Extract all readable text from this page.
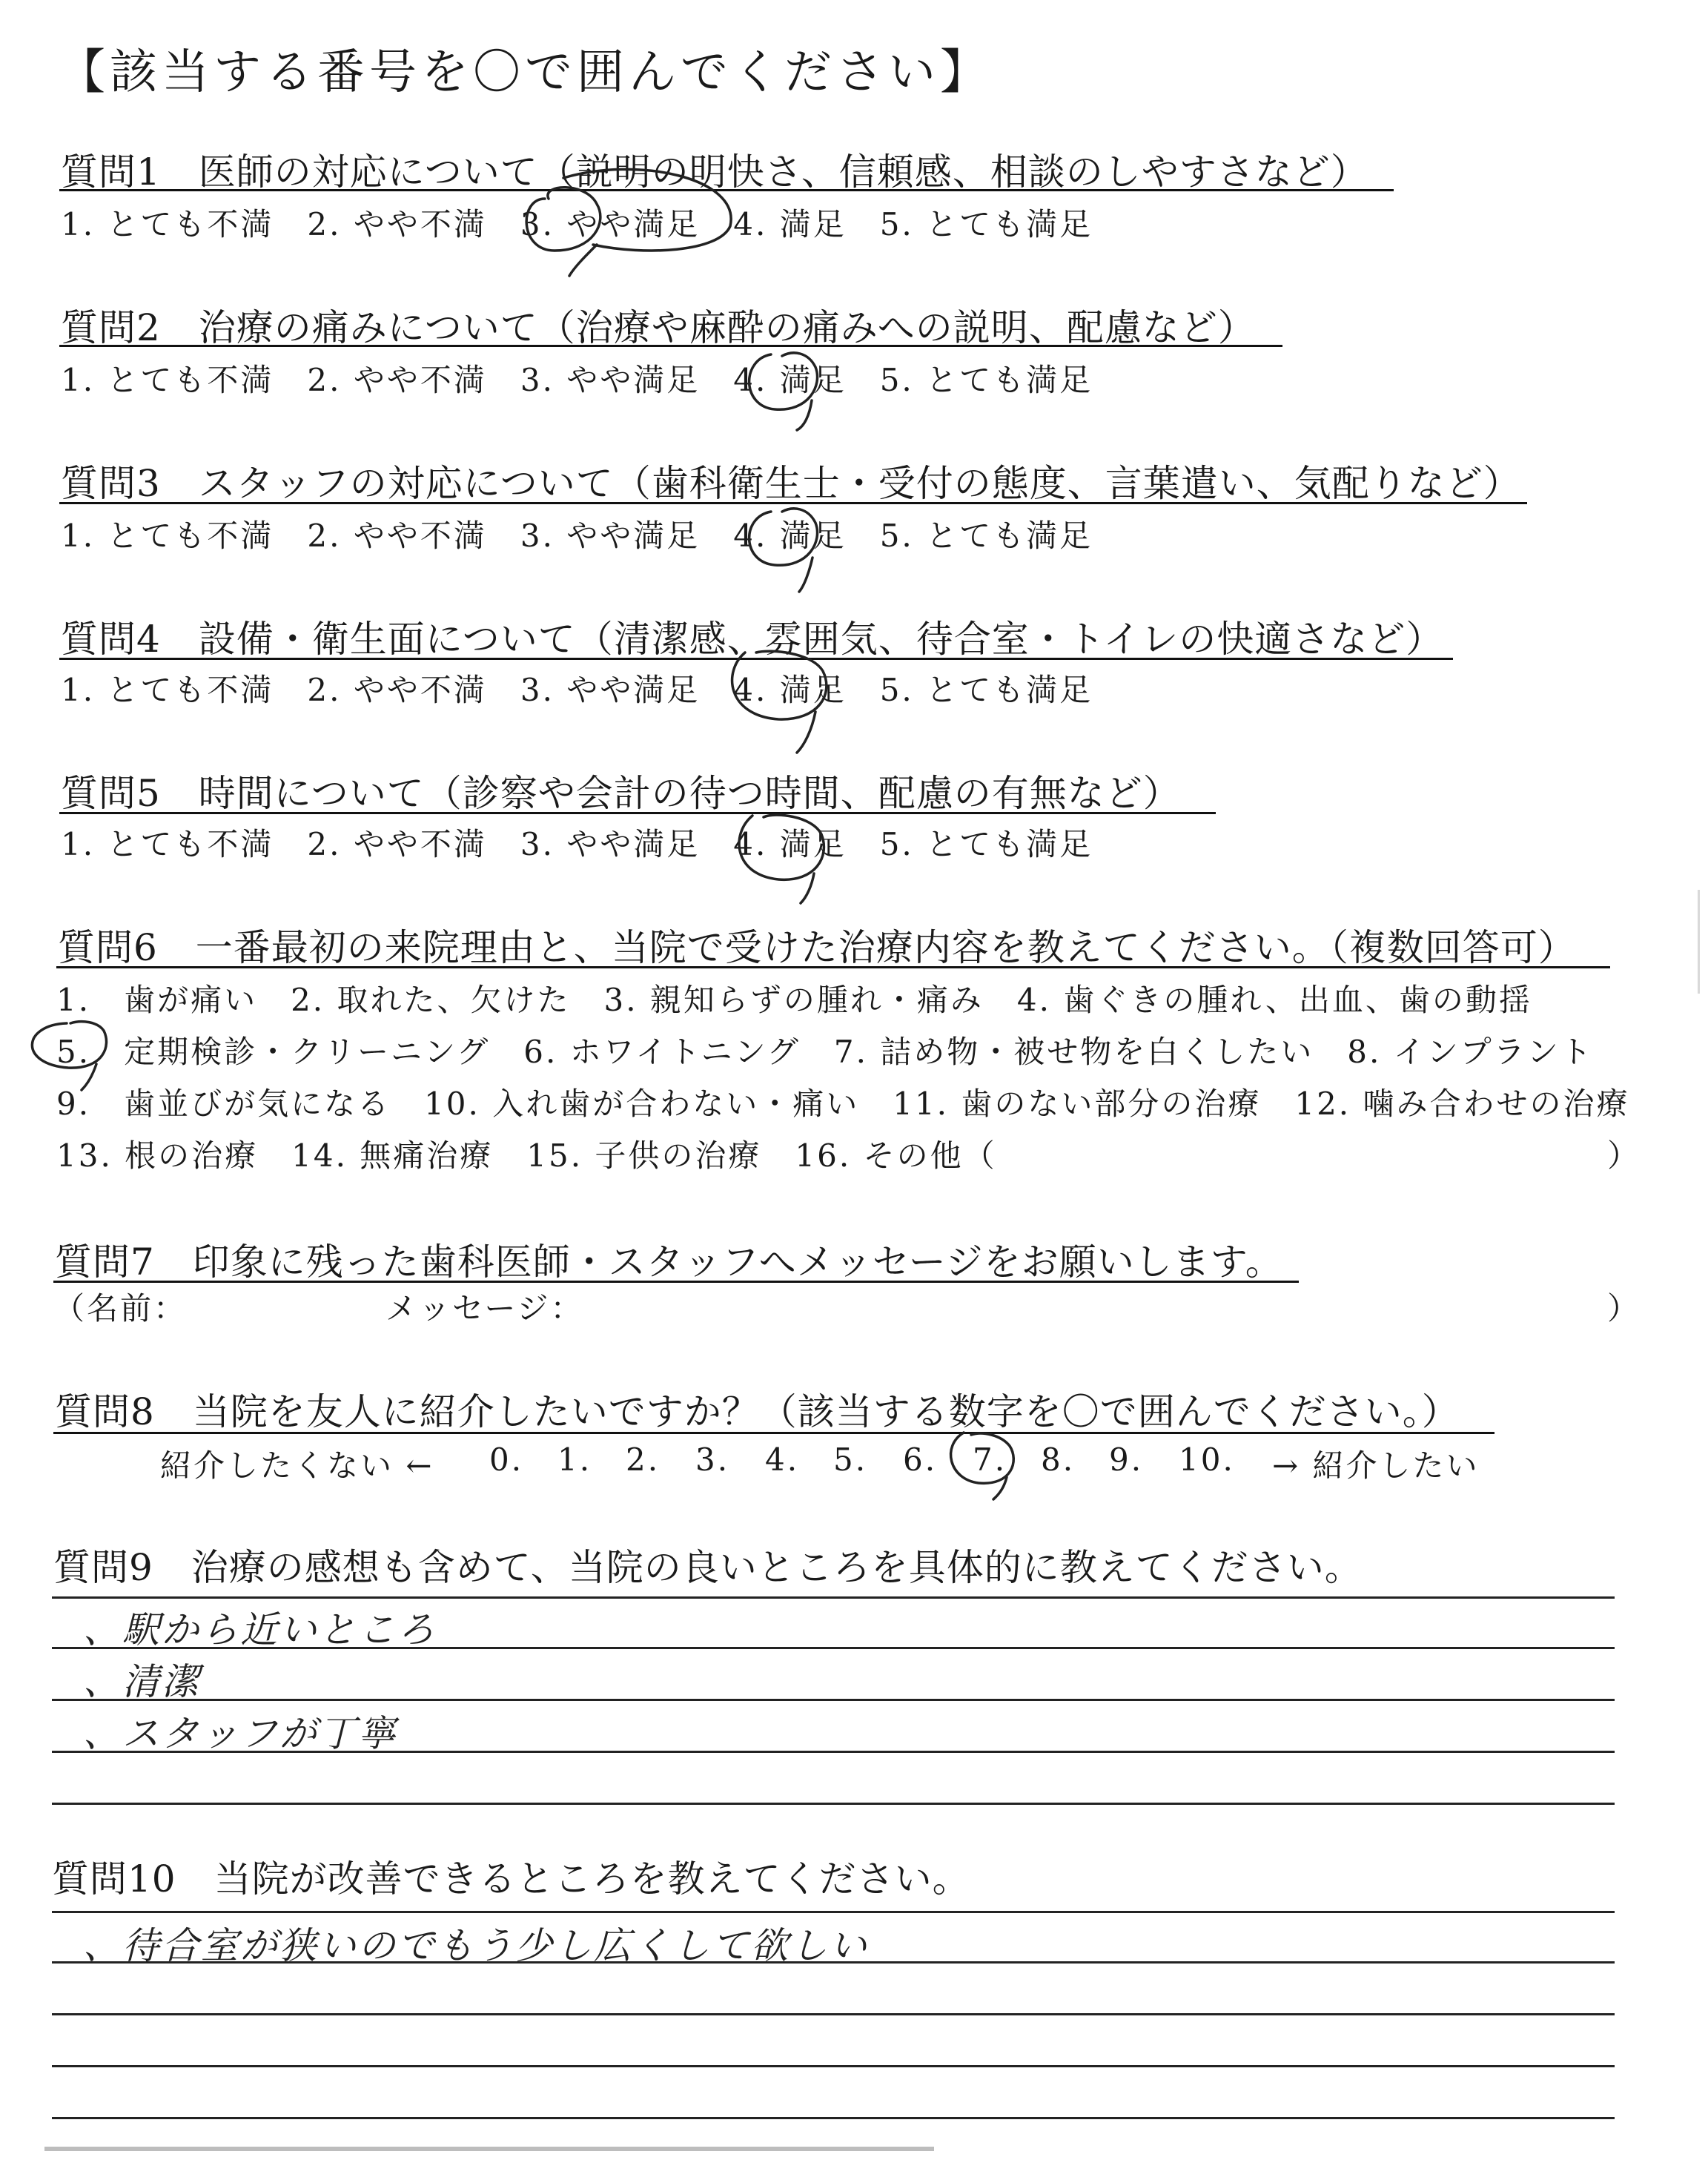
【該当する番号を〇で囲んでください】
質問1　医師の対応について（説明の明快さ、信頼感、相談のしやすさなど）
1. とても不満　2. やや不満　3. やや満足　4. 満足　5. とても満足
質問2　治療の痛みについて（治療や麻酔の痛みへの説明、配慮など）
1. とても不満　2. やや不満　3. やや満足　4. 満足　5. とても満足
質問3　スタッフの対応について（歯科衛生士・受付の態度、言葉遣い、気配りなど）
1. とても不満　2. やや不満　3. やや満足　4. 満足　5. とても満足
質問4　設備・衛生面について（清潔感、雰囲気、待合室・トイレの快適さなど）
1. とても不満　2. やや不満　3. やや満足　4. 満足　5. とても満足
質問5　時間について（診察や会計の待つ時間、配慮の有無など）
1. とても不満　2. やや不満　3. やや満足　4. 満足　5. とても満足
質問6　一番最初の来院理由と、当院で受けた治療内容を教えてください。（複数回答可）
1.　歯が痛い　2. 取れた、欠けた　3. 親知らずの腫れ・痛み　4. 歯ぐきの腫れ、出血、歯の動揺
5.　定期検診・クリーニング　6. ホワイトニング　7. 詰め物・被せ物を白くしたい　8. インプラント
9.　歯並びが気になる　10. 入れ歯が合わない・痛い　11. 歯のない部分の治療　12. 噛み合わせの治療
13. 根の治療　14. 無痛治療　15. 子供の治療　16. その他（	）
質問7　印象に残った歯科医師・スタッフへメッセージをお願いします。
（名前：	メッセージ：	）
質問8　当院を友人に紹介したいですか？（該当する数字を〇で囲んでください。）
紹介したくない ← 0. 1. 2. 3. 4. 5. 6. 7. 8. 9. 10. → 紹介したい
質問9　治療の感想も含めて、当院の良いところを具体的に教えてください。
、駅から近いところ
、清潔
、スタッフが丁寧
質問10　当院が改善できるところを教えてください。
、待合室が狭いのでもう少し広くして欲しい
